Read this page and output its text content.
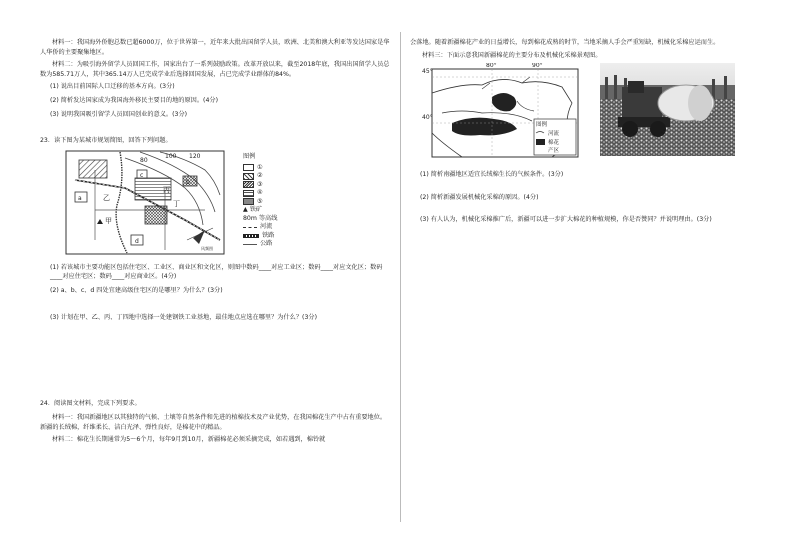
材料一：我国海外侨胞总数已超6000万，位于世界第一，近年来大批出国留学人员，欧洲、北美和澳大利亚等发达国家是华人华侨的主要聚集地区。

材料二：为吸引海外留学人员回国工作，国家出台了一系列鼓励政策。改革开放以来，截至2018年底，我国出国留学人员总数为585.71万人，其中365.14万人已完成学业后选择回国发展，占已完成学业群体的84%。

(1) 说出目前国际人口迁移的基本方向。(3分)

(2) 简析发达国家成为我国海外移民主要目的地的原因。(4分)

(3) 说明我国吸引留学人员回国创业的意义。(3分)

23．读下图为某城市规划简图，回答下列问题。

80
100 120
a
b
c
d
乙
丙
丁
甲
风频图
图例
①
②
③
④
⑤
▲ 铁矿
80m 等高线
河流
铁路
公路

(1) 若该城市主要功能区包括住宅区、工业区、商业区和文化区，则图中数码____对应工业区；数码____对应文化区；数码____对应住宅区；数码____对应商业区。(4分)

(2) a、b、c、d 四处宜建高级住宅区的是哪里？为什么？(3分)

(3) 计划在甲、乙、丙、丁四地中选择一处建钢铁工业基地，最佳地点应选在哪里？为什么？(3分)

24．阅读图文材料，完成下列要求。

材料一：我国新疆地区以其独特的气候、土壤等自然条件和先进的植棉技术及产业优势，在我国棉花生产中占有重要地位。新疆的长绒棉，纤维柔长、洁白光泽、弹性良好，是棉花中的精品。

材料二：棉花生长期通常为5～6个月，每年9月到10月，新疆棉花必须采摘完成，如若遇到，棉铃就

会落地。随着新疆棉花产业的日益增长，每到棉花成熟的时节，当地采摘人手会严重短缺，机械化采棉应运而生。

材料三：下面示意我国新疆棉花的主要分布及机械化采棉景观图。

45°
40°
80°	90°
图例
河流
棉花
产区

(1) 简析南疆地区适宜长绒棉生长的气候条件。(3分)

(2) 简析新疆发展机械化采棉的原因。(4分)

(3) 有人认为，机械化采棉推广后，新疆可以进一步扩大棉花的种植规模，你是否赞同？并说明理由。(3分)
